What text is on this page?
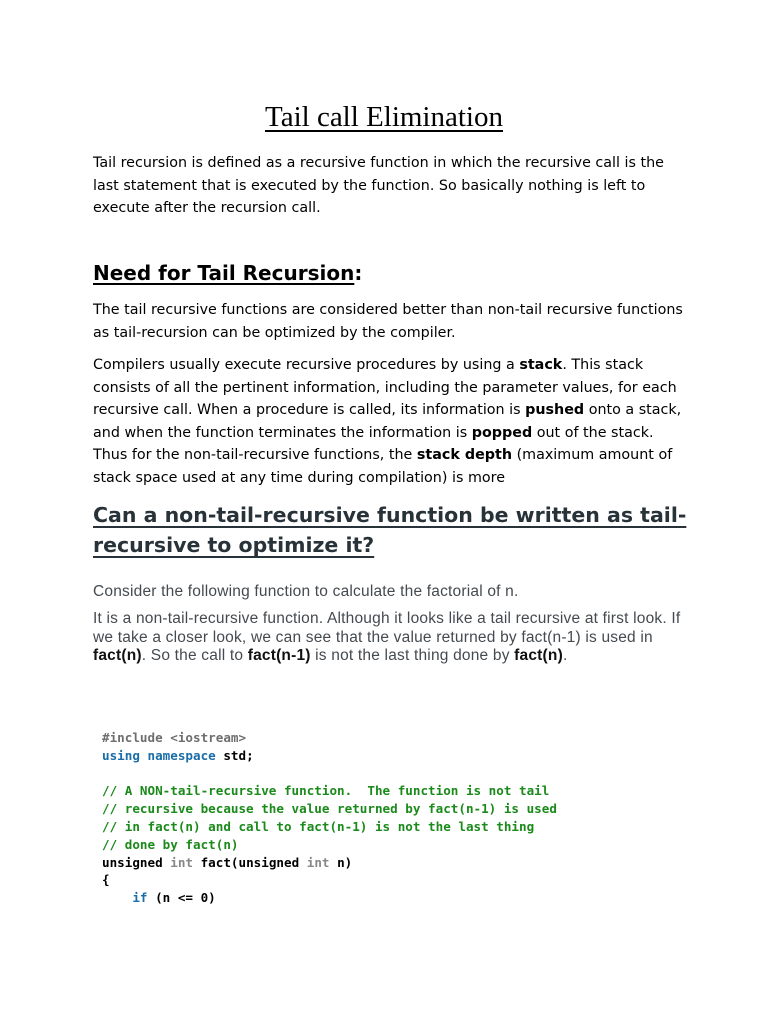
Tail call Elimination

Tail recursion is defined as a recursive function in which the recursive call is the last statement that is executed by the function. So basically nothing is left to execute after the recursion call.

Need for Tail Recursion:

The tail recursive functions are considered better than non-tail recursive functions as tail-recursion can be optimized by the compiler.

Compilers usually execute recursive procedures by using a stack. This stack consists of all the pertinent information, including the parameter values, for each recursive call. When a procedure is called, its information is pushed onto a stack, and when the function terminates the information is popped out of the stack. Thus for the non-tail-recursive functions, the stack depth (maximum amount of stack space used at any time during compilation) is more

Can a non-tail-recursive function be written as tail-recursive to optimize it?

Consider the following function to calculate the factorial of n.

It is a non-tail-recursive function. Although it looks like a tail recursive at first look. If we take a closer look, we can see that the value returned by fact(n-1) is used in fact(n). So the call to fact(n-1) is not the last thing done by fact(n).

#include <iostream>
using namespace std;
// A NON-tail-recursive function.  The function is not tail
// recursive because the value returned by fact(n-1) is used
// in fact(n) and call to fact(n-1) is not the last thing
// done by fact(n)
unsigned int fact(unsigned int n)
{
if (n <= 0)
